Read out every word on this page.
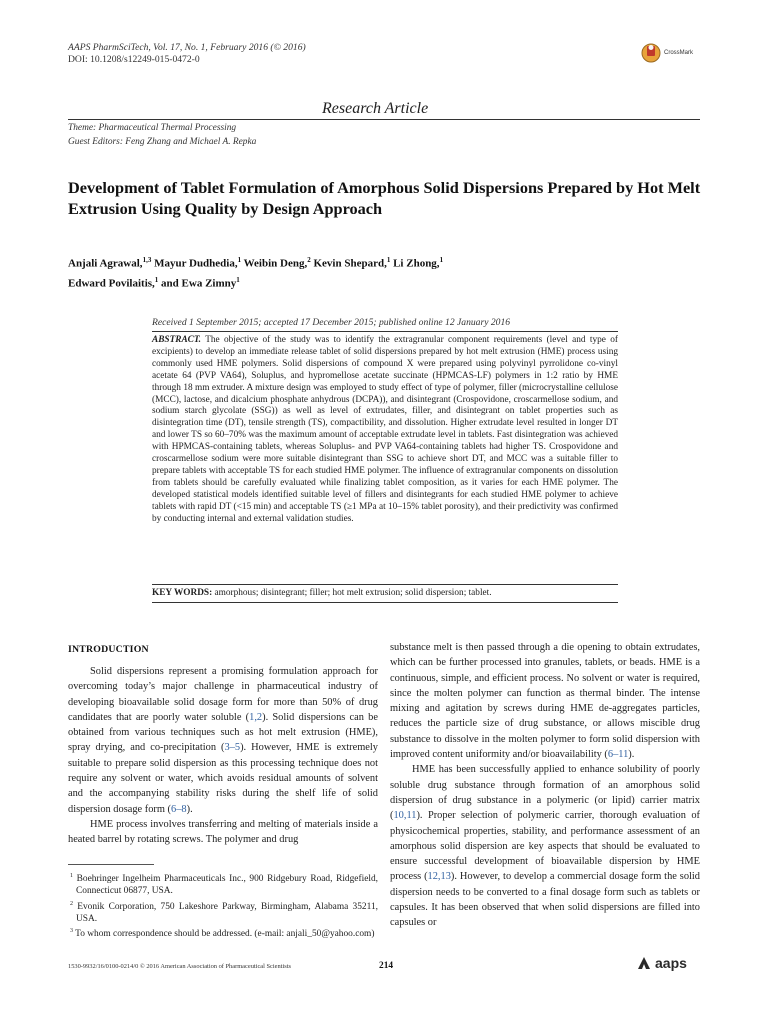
AAPS PharmSciTech, Vol. 17, No. 1, February 2016 (© 2016)
DOI: 10.1208/s12249-015-0472-0
CrossMark
Research Article
Theme: Pharmaceutical Thermal Processing
Guest Editors: Feng Zhang and Michael A. Repka
Development of Tablet Formulation of Amorphous Solid Dispersions Prepared by Hot Melt Extrusion Using Quality by Design Approach
Anjali Agrawal,$^{1,3}$ Mayur Dudhedia,$^1$ Weibin Deng,$^2$ Kevin Shepard,$^1$ Li Zhong,$^1$
Edward Povilaitis,$^1$ and Ewa Zimny$^1$
Received 1 September 2015; accepted 17 December 2015; published online 12 January 2016
ABSTRACT. The objective of the study was to identify the extragranular component requirements (level and type of excipients) to develop an immediate release tablet of solid dispersions prepared by hot melt extrusion (HME) process using commonly used HME polymers. Solid dispersions of compound X were prepared using polyvinyl pyrrolidone co-vinyl acetate 64 (PVP VA64), Soluplus, and hypromellose acetate succinate (HPMCAS-LF) polymers in 1:2 ratio by HME through 18 mm extruder. A mixture design was employed to study effect of type of polymer, filler (microcrystalline cellulose (MCC), lactose, and dicalcium phosphate anhydrous (DCPA)), and disintegrant (Crospovidone, croscarmellose sodium, and sodium starch glycolate (SSG)) as well as level of extrudates, filler, and disintegrant on tablet properties such as disintegration time (DT), tensile strength (TS), compactibility, and dissolution. Higher extrudate level resulted in longer DT and lower TS so 60–70% was the maximum amount of acceptable extrudate level in tablets. Fast disintegration was achieved with HPMCAS-containing tablets, whereas Soluplus- and PVP VA64-containing tablets had higher TS. Crospovidone and croscarmellose sodium were more suitable disintegrant than SSG to achieve short DT, and MCC was a suitable filler to prepare tablets with acceptable TS for each studied HME polymer. The influence of extragranular components on dissolution from tablets should be carefully evaluated while finalizing tablet composition, as it varies for each HME polymer. The developed statistical models identified suitable level of fillers and disintegrants for each studied HME polymer to achieve tablets with rapid DT (<15 min) and acceptable TS (≥1 MPa at 10–15% tablet porosity), and their predictivity was confirmed by conducting internal and external validation studies.
KEY WORDS: amorphous; disintegrant; filler; hot melt extrusion; solid dispersion; tablet.
INTRODUCTION

Solid dispersions represent a promising formulation approach for overcoming today’s major challenge in pharmaceutical industry of developing bioavailable solid dosage form for more than 50% of drug candidates that are poorly water soluble (1,2). Solid dispersions can be obtained from various techniques such as hot melt extrusion (HME), spray drying, and co-precipitation (3–5). However, HME is extremely suitable to prepare solid dispersion as this processing technique does not require any solvent or water, which avoids residual amounts of solvent and the accompanying stability risks during the shelf life of solid dispersion dosage form (6–8).

HME process involves transferring and melting of materials inside a heated barrel by rotating screws. The polymer and drug

$^1$ Boehringer Ingelheim Pharmaceuticals Inc., 900 Ridgebury Road, Ridgefield, Connecticut 06877, USA.

$^2$ Evonik Corporation, 750 Lakeshore Parkway, Birmingham, Alabama 35211, USA.

$^3$ To whom correspondence should be addressed. (e-mail: anjali_50@yahoo.com)

substance melt is then passed through a die opening to obtain extrudates, which can be further processed into granules, tablets, or beads. HME is a continuous, simple, and efficient process. No solvent or water is required, since the molten polymer can function as thermal binder. The intense mixing and agitation by screws during HME de-aggregates particles, reduces the particle size of drug substance, or allows miscible drug substance to dissolve in the molten polymer to form solid dispersion with improved content uniformity and/or bioavailability (6–11).

HME has been successfully applied to enhance solubility of poorly soluble drug substance through formation of an amorphous solid dispersion of drug substance in a polymeric (or lipid) carrier matrix (10,11). Proper selection of polymeric carrier, thorough evaluation of physicochemical properties, stability, and performance assessment of an amorphous solid dispersion are key aspects that should be evaluated to ensure successful development of bioavailable dispersion by HME process (12,13). However, to develop a commercial dosage form the solid dispersion needs to be converted to a final dosage form such as tablets or capsules. It has been observed that when solid dispersions are filled into capsules or

1530-9932/16/0100-0214/0 © 2016 American Association of Pharmaceutical Scientists	214	aaps
